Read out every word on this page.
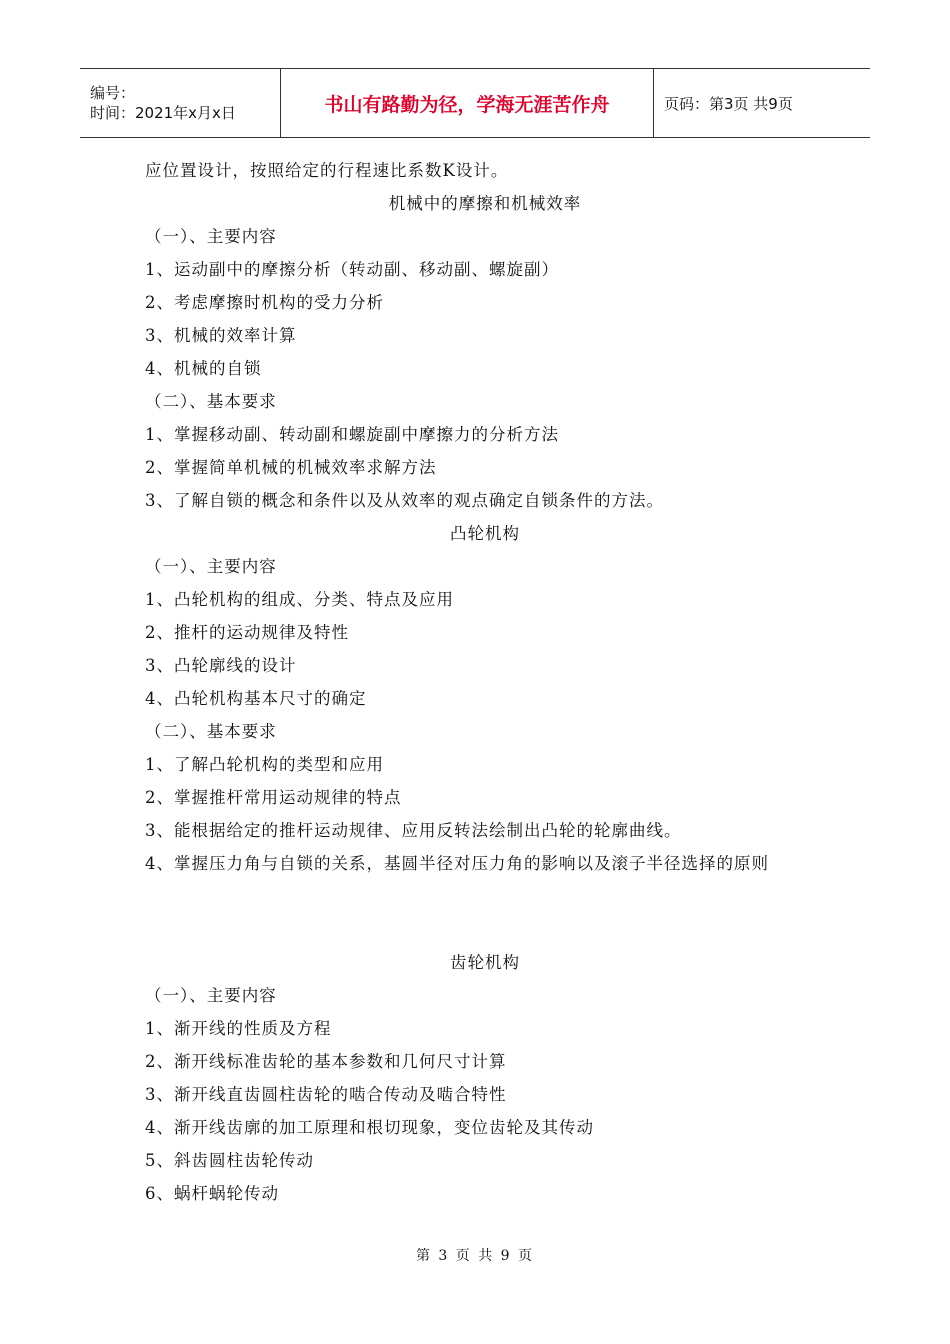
编号：
时间：2021年x月x日	书山有路勤为径，学海无涯苦作舟	页码：第3页 共9页
应位置设计，按照给定的行程速比系数K设计。
机械中的摩擦和机械效率
（一）、主要内容
1、运动副中的摩擦分析（转动副、移动副、螺旋副）
2、考虑摩擦时机构的受力分析
3、机械的效率计算
4、机械的自锁
（二）、基本要求
1、掌握移动副、转动副和螺旋副中摩擦力的分析方法
2、掌握简单机械的机械效率求解方法
3、了解自锁的概念和条件以及从效率的观点确定自锁条件的方法。
凸轮机构
（一）、主要内容
1、凸轮机构的组成、分类、特点及应用
2、推杆的运动规律及特性
3、凸轮廓线的设计
4、凸轮机构基本尺寸的确定
（二）、基本要求
1、了解凸轮机构的类型和应用
2、掌握推杆常用运动规律的特点
3、能根据给定的推杆运动规律、应用反转法绘制出凸轮的轮廓曲线。
4、掌握压力角与自锁的关系，基圆半径对压力角的影响以及滚子半径选择的原则
齿轮机构
（一）、主要内容
1、渐开线的性质及方程
2、渐开线标准齿轮的基本参数和几何尺寸计算
3、渐开线直齿圆柱齿轮的啮合传动及啮合特性
4、渐开线齿廓的加工原理和根切现象，变位齿轮及其传动
5、斜齿圆柱齿轮传动
6、蜗杆蜗轮传动
第 3 页 共 9 页
